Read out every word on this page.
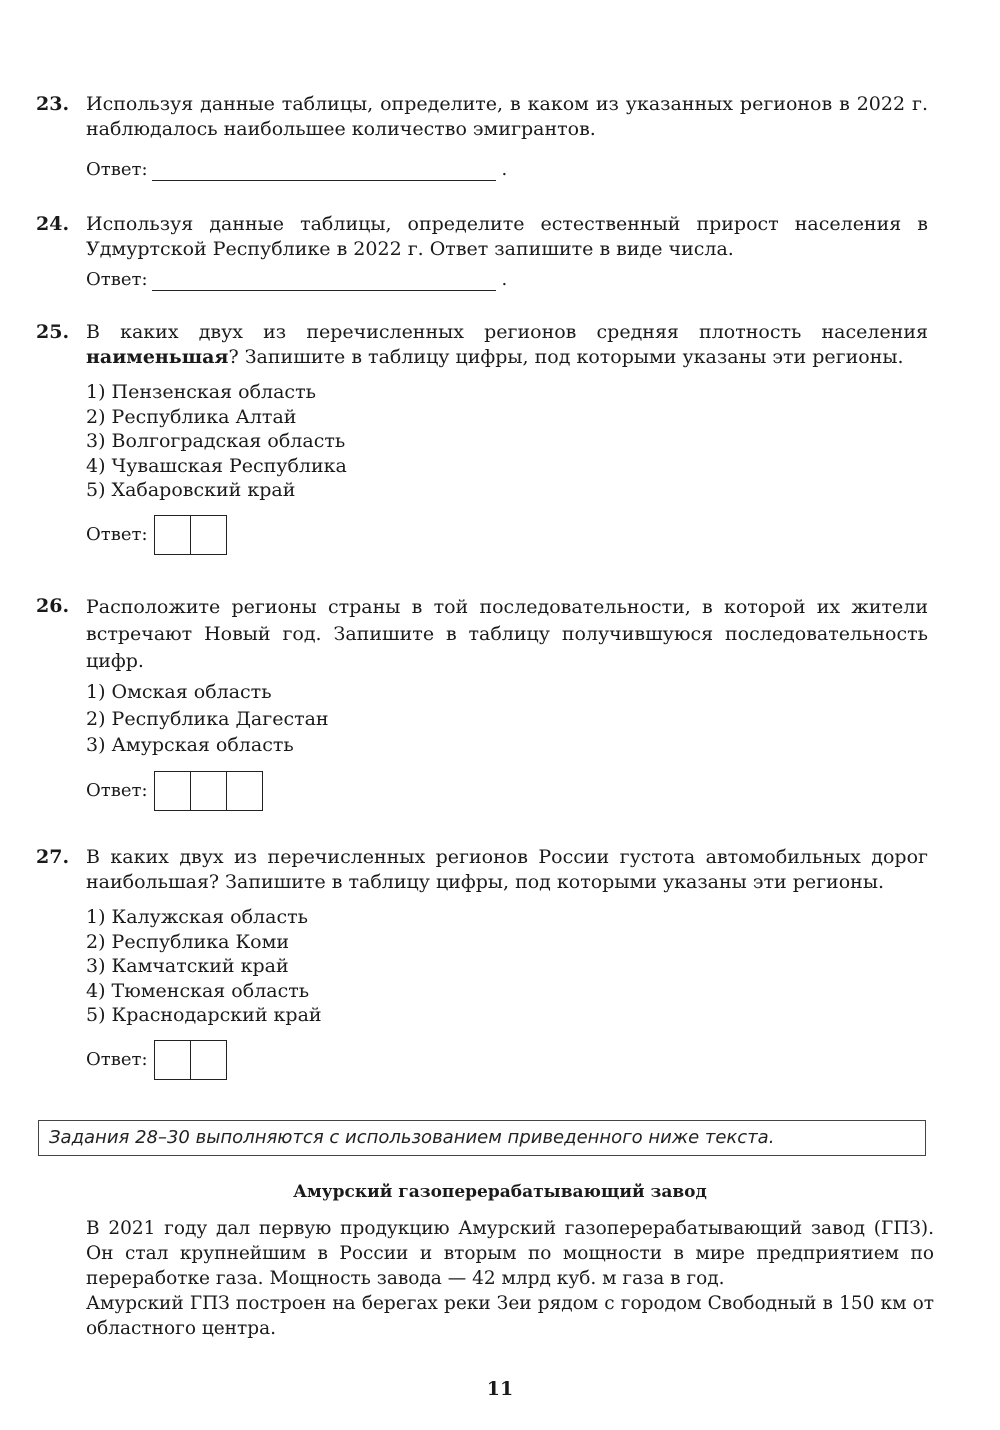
23. Используя данные таблицы, определите, в каком из указанных регионов в 2022 г. наблюдалось наибольшее количество эмигрантов.
Ответ:	.
24. Используя данные таблицы, определите естественный прирост населения в Удмуртской Республике в 2022 г. Ответ запишите в виде числа.
Ответ:	.
25. В каких двух из перечисленных регионов средняя плотность населения наименьшая? Запишите в таблицу цифры, под которыми указаны эти регионы.
1) Пензенская область
2) Республика Алтай
3) Волгоградская область
4) Чувашская Республика
5) Хабаровский край
Ответ:
26. Расположите регионы страны в той последовательности, в которой их жители встречают Новый год. Запишите в таблицу получившуюся последовательность цифр.
1) Омская область
2) Республика Дагестан
3) Амурская область
Ответ:
27. В каких двух из перечисленных регионов России густота автомобильных дорог наибольшая? Запишите в таблицу цифры, под которыми указаны эти регионы.
1) Калужская область
2) Республика Коми
3) Камчатский край
4) Тюменская область
5) Краснодарский край
Ответ:
Задания 28–30 выполняются с использованием приведенного ниже текста.
Амурский газоперерабатывающий завод

В 2021 году дал первую продукцию Амурский газоперерабатывающий завод (ГПЗ). Он стал крупнейшим в России и вторым по мощности в мире предприятием по переработке газа. Мощность завода — 42 млрд куб. м газа в год.

Амурский ГПЗ построен на берегах реки Зеи рядом с городом Свободный в 150 км от областного центра.

11
